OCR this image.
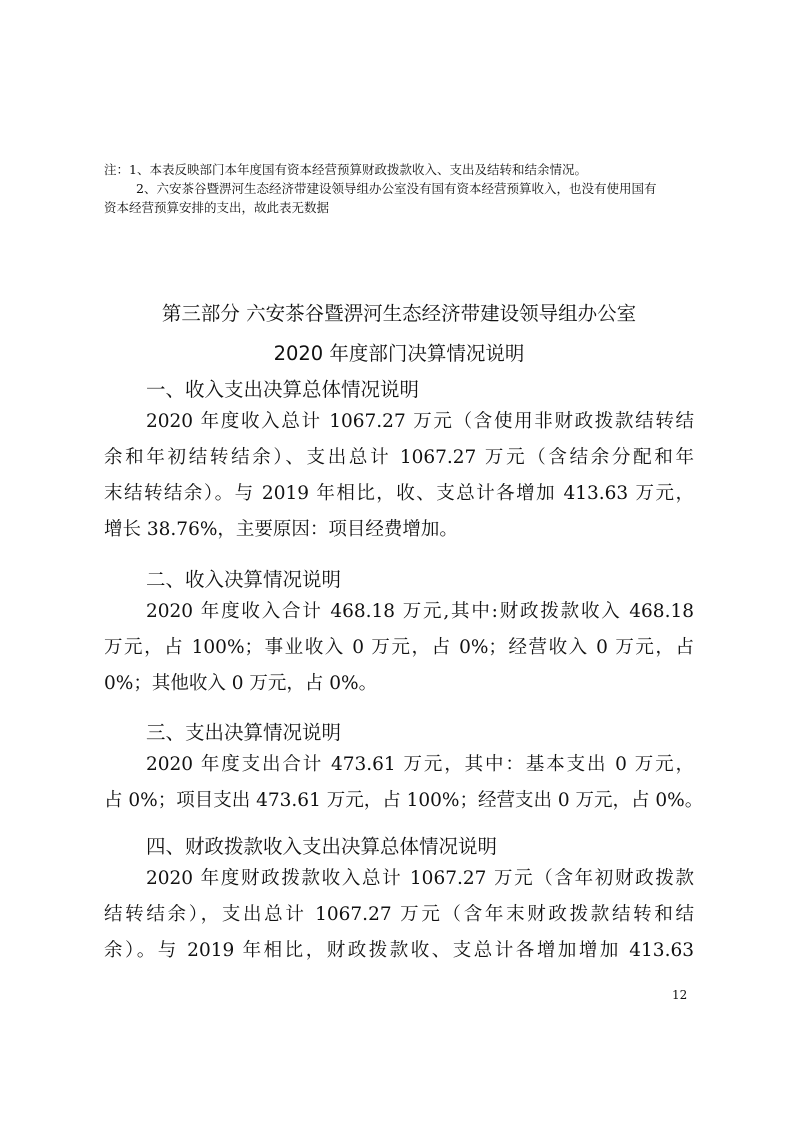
注：1、本表反映部门本年度国有资本经营预算财政拨款收入、支出及结转和结余情况。
2、六安茶谷暨淠河生态经济带建设领导组办公室没有国有资本经营预算收入，也没有使用国有
资本经营预算安排的支出，故此表无数据
第三部分 六安茶谷暨淠河生态经济带建设领导组办公室
2020 年度部门决算情况说明
一、收入支出决算总体情况说明
2020 年度收入总计 1067.27 万元（含使用非财政拨款结转结
余和年初结转结余）、支出总计 1067.27 万元（含结余分配和年
末结转结余）。与 2019 年相比，收、支总计各增加 413.63 万元，
增长 38.76%，主要原因：项目经费增加。
二、收入决算情况说明
2020 年度收入合计 468.18 万元,其中:财政拨款收入 468.18
万元，占 100%；事业收入 0 万元，占 0%；经营收入 0 万元，占
0%；其他收入 0 万元，占 0%。
三、支出决算情况说明
2020 年度支出合计 473.61 万元，其中：基本支出 0 万元，
占 0%；项目支出 473.61 万元，占 100%；经营支出 0 万元，占 0%。
四、财政拨款收入支出决算总体情况说明
2020 年度财政拨款收入总计 1067.27 万元（含年初财政拨款
结转结余），支出总计 1067.27 万元（含年末财政拨款结转和结
余）。与 2019 年相比，财政拨款收、支总计各增加增加 413.63
12
